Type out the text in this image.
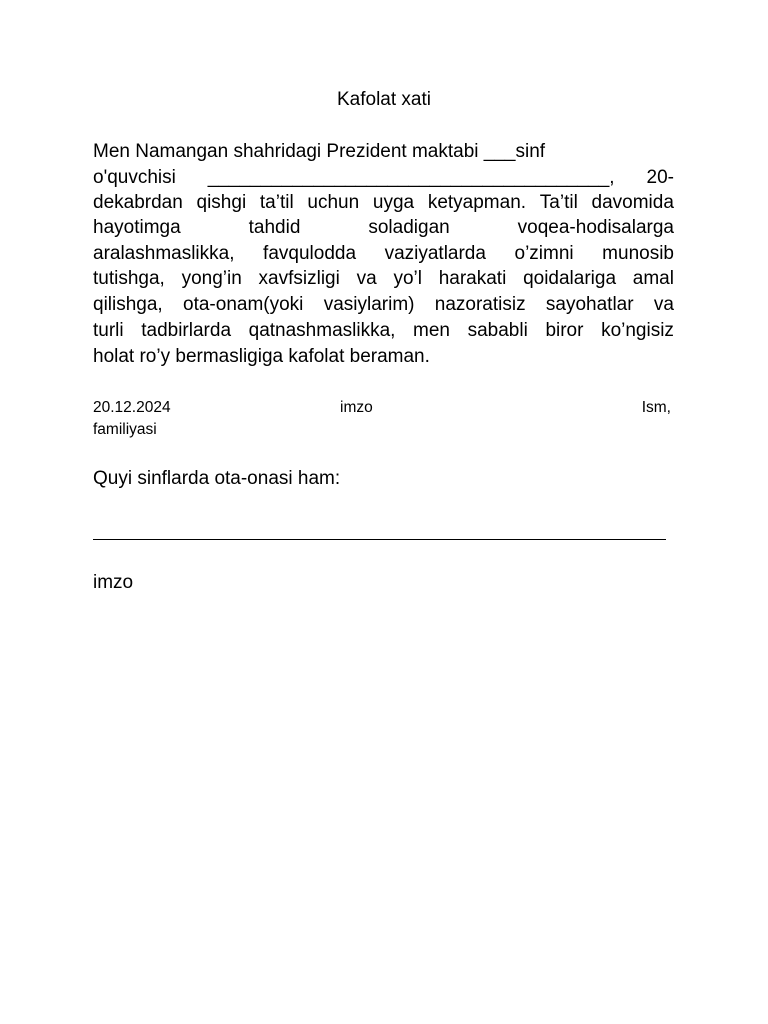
Kafolat xati
Men Namangan shahridagi Prezident maktabi ___sinf
o'quvchisi ______________________________________, 20-
dekabrdan qishgi ta’til uchun uyga ketyapman. Ta’til davomida
hayotimga	tahdid	soladigan	voqea-hodisalarga
aralashmaslikka, favqulodda vaziyatlarda o’zimni munosib
tutishga, yong’in xavfsizligi va yo’l harakati qoidalariga amal
qilishga, ota-onam(yoki vasiylarim) nazoratisiz sayohatlar va
turli tadbirlarda qatnashmaslikka, men sababli biror ko’ngisiz
holat ro’y bermasligiga kafolat beraman.
20.12.2024	imzo	Ism,
familiyasi
Quyi sinflarda ota-onasi ham:
imzo
